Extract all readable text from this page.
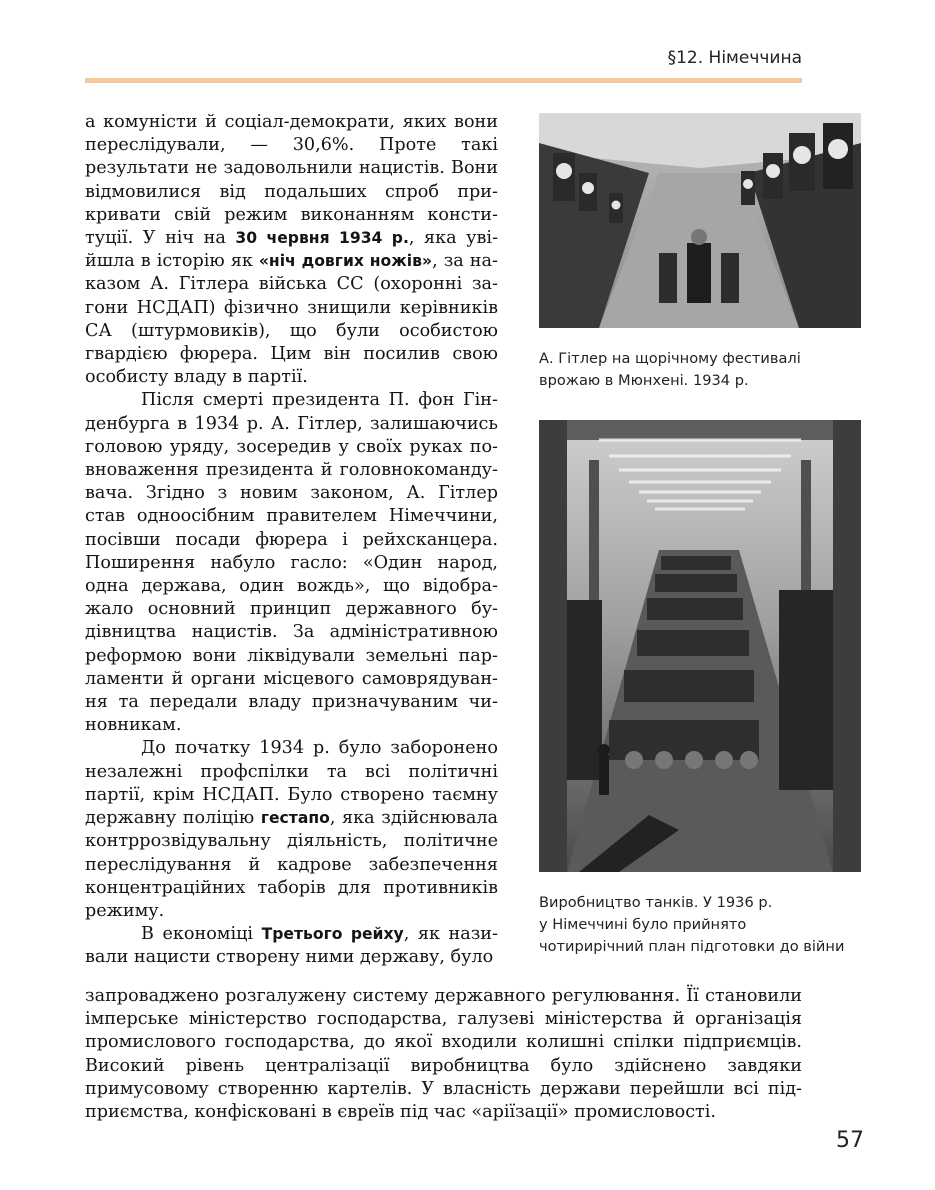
§12. Німеччина

а комуністи й соціал-демократи, яких вони переслідували, — 30,6%. Проте такі результати не задовольнили нацистів. Вони відмовилися від подальших спроб прикривати свій режим виконанням конституції. У ніч на 30 червня 1934 р., яка увійшла в історію як «ніч довгих ножів», за наказом А. Гітлера війська СС (охоронні загони НСДАП) фізично знищили керівників СА (штурмовиків), що були особистою гвардією фюрера. Цим він посилив свою особисту владу в партії.

Після смерті президента П. фон Гінденбурга в 1934 р. А. Гітлер, залишаючись головою уряду, зосередив у своїх руках повноваження президента й головнокомандувача. Згідно з новим законом, А. Гітлер став одноосібним правителем Німеччини, посівши посади фюрера і рейхсканцера. Поширення набуло гасло: «Один народ, одна держава, один вождь», що відображало основний принцип державного будівництва нацистів. За адміністративною реформою вони ліквідували земельні парламенти й органи місцевого самоврядування та передали владу призначуваним чиновникам.

До початку 1934 р. було заборонено незалежні профспілки та всі політичні партії, крім НСДАП. Було створено таємну державну поліцію гестапо, яка здійснювала контррозвідувальну діяльність, політичне переслідування й кадрове забезпечення концентраційних таборів для противників режиму.

В економіці Третього рейху, як називали нацисти створену ними державу, було

запроваджено розгалужену систему державного регулювання. Її становили імперське міністерство господарства, галузеві міністерства й організація промислового господарства, до якої входили колишні спілки підприємців. Високий рівень централізації виробництва було здійснено завдяки примусовому створенню картелів. У власність держави перейшли всі підприємства, конфісковані в євреїв під час «аріїзації» промисловості.

А. Гітлер на щорічному фестивалі
врожаю в Мюнхені. 1934 р.
Виробництво танків. У 1936 р.
у Німеччині було прийнято
чотирирічний план підготовки до війни
57
